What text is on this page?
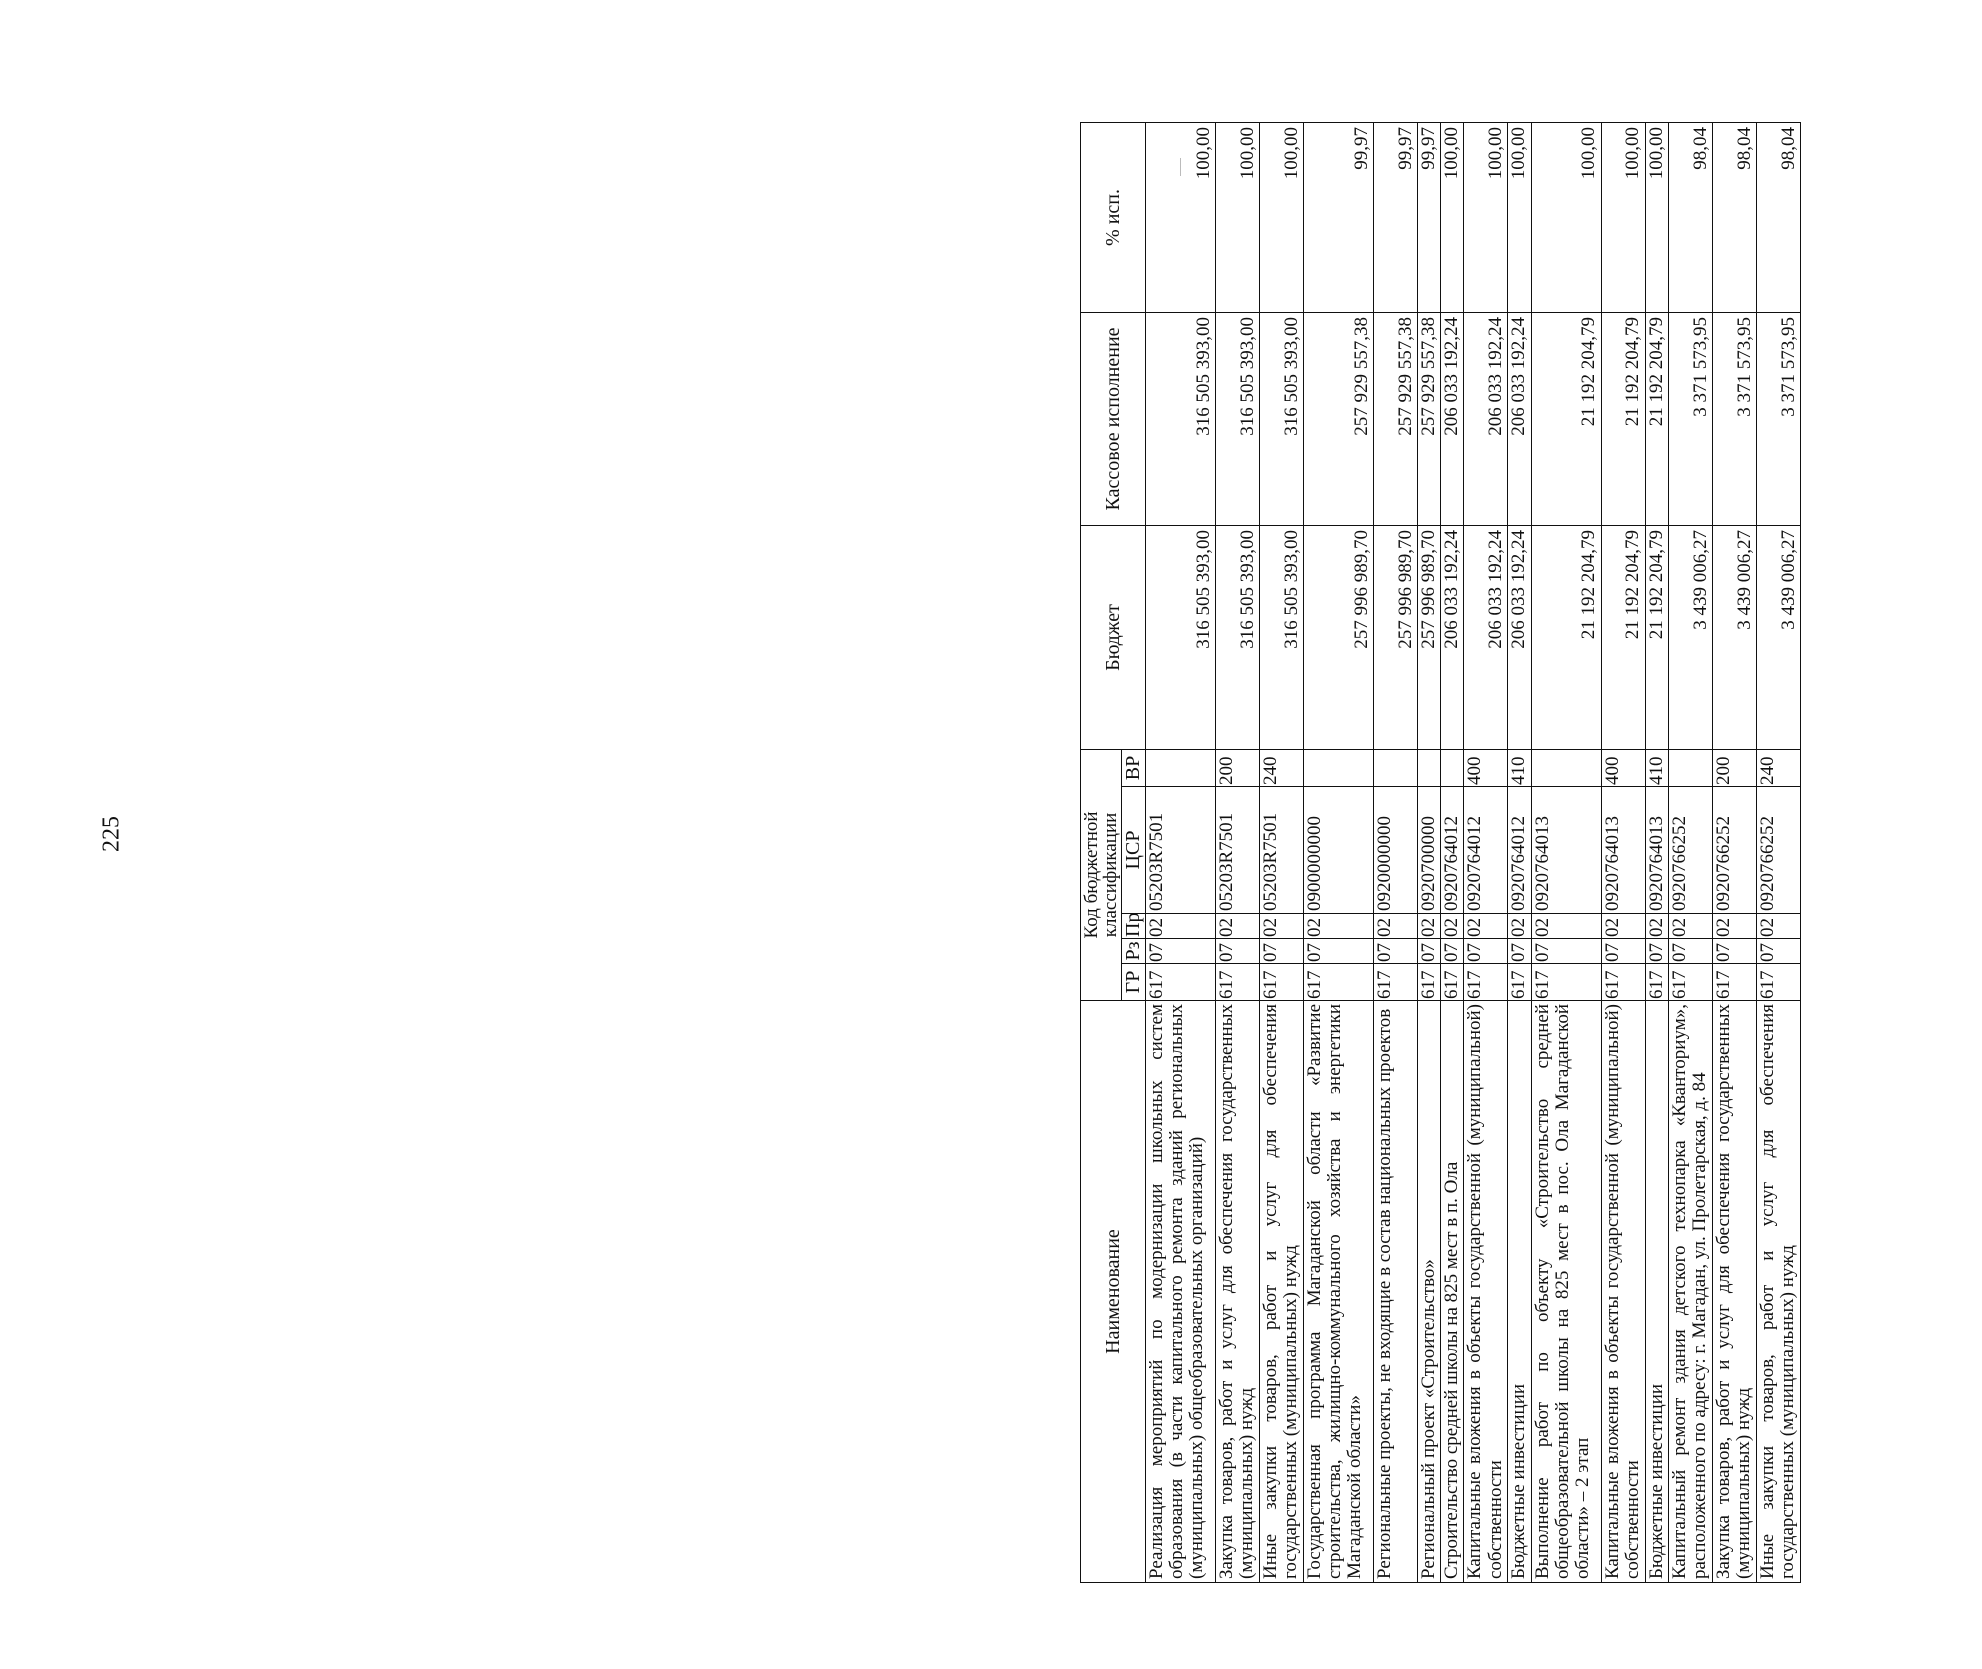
225
Наименование	Код бюджетной классификации					Бюджет	Кассовое исполнение	% исп.
	ГР	Рз	Пр	ЦСР	ВР			
Реализация мероприятий по модернизации школьных систем образования (в части капитального ремонта зданий региональных (муниципальных) общеобразовательных организаций)	617	07	02	05203R7501		316 505 393,00	316 505 393,00	100,00
Закупка товаров, работ и услуг для обеспечения государственных (муниципальных) нужд	617	07	02	05203R7501	200	316 505 393,00	316 505 393,00	100,00
Иные закупки товаров, работ и услуг для обеспечения государственных (муниципальных) нужд	617	07	02	05203R7501	240	316 505 393,00	316 505 393,00	100,00
Государственная программа Магаданской области «Развитие строительства, жилищно-коммунального хозяйства и энергетики Магаданской области»	617	07	02	0900000000		257 996 989,70	257 929 557,38	99,97
Региональные проекты, не входящие в состав национальных проектов	617	07	02	0920000000		257 996 989,70	257 929 557,38	99,97
Региональный проект «Строительство»	617	07	02	0920700000		257 996 989,70	257 929 557,38	99,97
Строительство средней школы на 825 мест в п. Ола	617	07	02	0920764012		206 033 192,24	206 033 192,24	100,00
Капитальные вложения в объекты государственной (муниципальной) собственности	617	07	02	0920764012	400	206 033 192,24	206 033 192,24	100,00
Бюджетные инвестиции	617	07	02	0920764012	410	206 033 192,24	206 033 192,24	100,00
Выполнение работ по объекту «Строительство средней общеобразовательной школы на 825 мест в пос. Ола Магаданской области» – 2 этап	617	07	02	0920764013		21 192 204,79	21 192 204,79	100,00
Капитальные вложения в объекты государственной (муниципальной) собственности	617	07	02	0920764013	400	21 192 204,79	21 192 204,79	100,00
Бюджетные инвестиции	617	07	02	0920764013	410	21 192 204,79	21 192 204,79	100,00
Капитальный ремонт здания детского технопарка «Кванториум», расположенного по адресу: г. Магадан, ул. Пролетарская, д. 84	617	07	02	0920766252		3 439 006,27	3 371 573,95	98,04
Закупка товаров, работ и услуг для обеспечения государственных (муниципальных) нужд	617	07	02	0920766252	200	3 439 006,27	3 371 573,95	98,04
Иные закупки товаров, работ и услуг для обеспечения государственных (муниципальных) нужд	617	07	02	0920766252	240	3 439 006,27	3 371 573,95	98,04
